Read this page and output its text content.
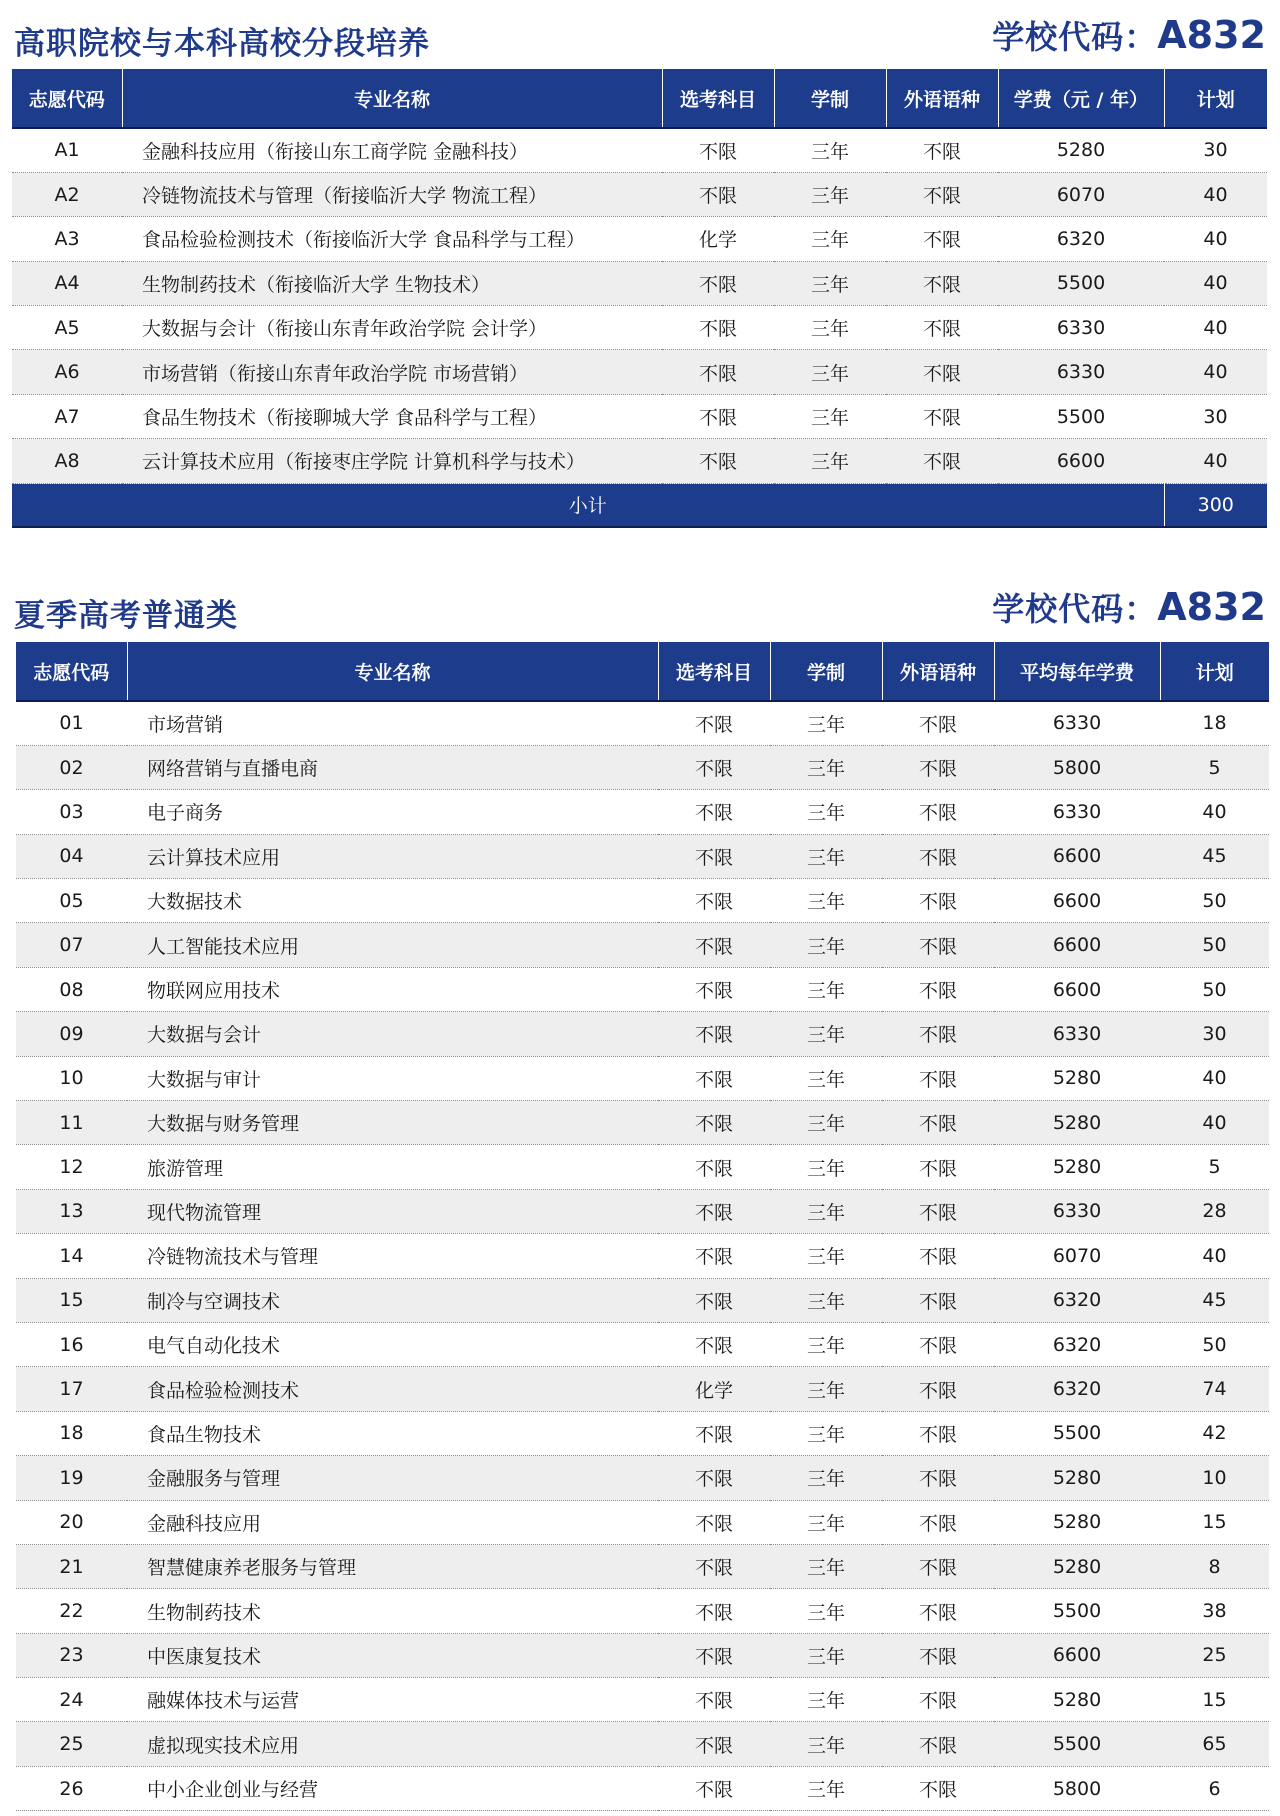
高职院校与本科高校分段培养	学校代码：A832
志愿代码	专业名称	选考科目	学制	外语语种	学费（元 / 年）	计划
A1	金融科技应用（衔接山东工商学院 金融科技）	不限	三年	不限	5280	30
A2	冷链物流技术与管理（衔接临沂大学 物流工程）	不限	三年	不限	6070	40
A3	食品检验检测技术（衔接临沂大学 食品科学与工程）	化学	三年	不限	6320	40
A4	生物制药技术（衔接临沂大学 生物技术）	不限	三年	不限	5500	40
A5	大数据与会计（衔接山东青年政治学院 会计学）	不限	三年	不限	6330	40
A6	市场营销（衔接山东青年政治学院 市场营销）	不限	三年	不限	6330	40
A7	食品生物技术（衔接聊城大学 食品科学与工程）	不限	三年	不限	5500	30
A8	云计算技术应用（衔接枣庄学院 计算机科学与技术）	不限	三年	不限	6600	40
小计						300
夏季高考普通类	学校代码：A832
志愿代码	专业名称	选考科目	学制	外语语种	平均每年学费	计划
01	市场营销	不限	三年	不限	6330	18
02	网络营销与直播电商	不限	三年	不限	5800	5
03	电子商务	不限	三年	不限	6330	40
04	云计算技术应用	不限	三年	不限	6600	45
05	大数据技术	不限	三年	不限	6600	50
07	人工智能技术应用	不限	三年	不限	6600	50
08	物联网应用技术	不限	三年	不限	6600	50
09	大数据与会计	不限	三年	不限	6330	30
10	大数据与审计	不限	三年	不限	5280	40
11	大数据与财务管理	不限	三年	不限	5280	40
12	旅游管理	不限	三年	不限	5280	5
13	现代物流管理	不限	三年	不限	6330	28
14	冷链物流技术与管理	不限	三年	不限	6070	40
15	制冷与空调技术	不限	三年	不限	6320	45
16	电气自动化技术	不限	三年	不限	6320	50
17	食品检验检测技术	化学	三年	不限	6320	74
18	食品生物技术	不限	三年	不限	5500	42
19	金融服务与管理	不限	三年	不限	5280	10
20	金融科技应用	不限	三年	不限	5280	15
21	智慧健康养老服务与管理	不限	三年	不限	5280	8
22	生物制药技术	不限	三年	不限	5500	38
23	中医康复技术	不限	三年	不限	6600	25
24	融媒体技术与运营	不限	三年	不限	5280	15
25	虚拟现实技术应用	不限	三年	不限	5500	65
26	中小企业创业与经营	不限	三年	不限	5800	6
